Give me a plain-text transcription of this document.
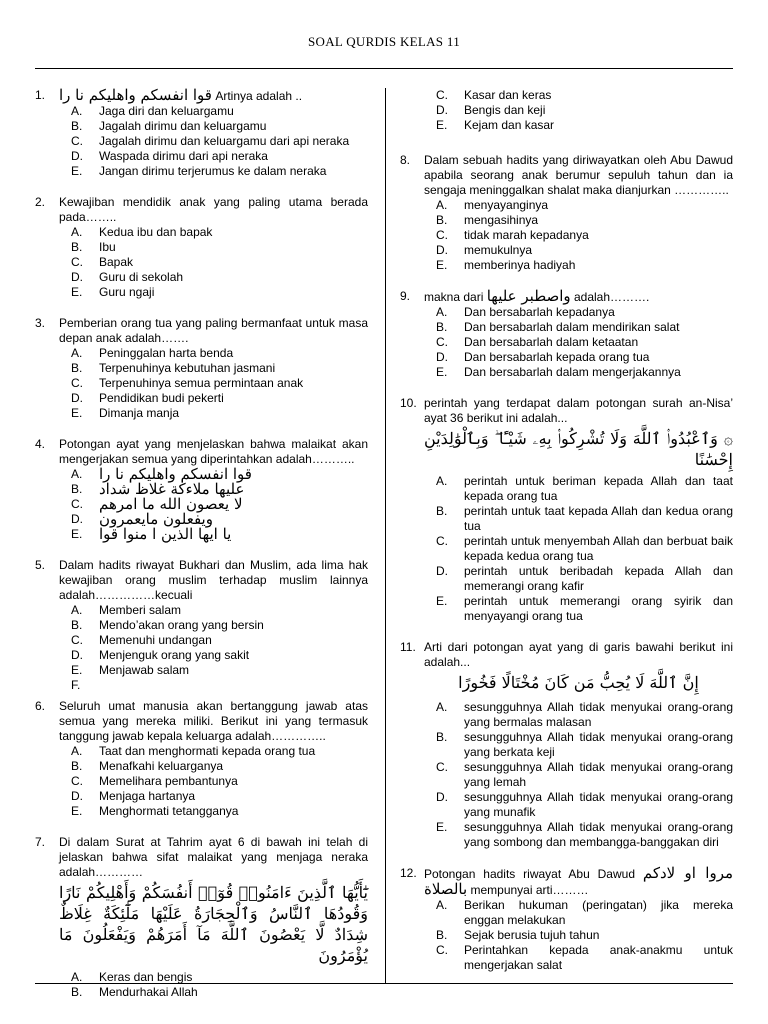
SOAL QURDIS KELAS 11
1. قوا انفسكم واهليكم نا را Artinya adalah ..
A.	Jaga diri dan keluargamu
B.	Jagalah dirimu dan keluargamu
C.	Jagalah dirimu dan keluargamu dari api neraka
D.	Waspada dirimu dari api neraka
E.	Jangan dirimu terjerumus ke dalam neraka
2. Kewajiban mendidik anak yang paling utama berada pada……..
A.	Kedua ibu dan bapak
B.	Ibu
C.	Bapak
D.	Guru di sekolah
E.	Guru ngaji
3. Pemberian orang tua yang paling bermanfaat untuk masa depan anak adalah…….
A.	Peninggalan harta benda
B.	Terpenuhinya kebutuhan jasmani
C.	Terpenuhinya semua permintaan anak
D.	Pendidikan budi pekerti
E.	Dimanja manja
4. Potongan ayat yang menjelaskan bahwa malaikat akan mengerjakan semua yang diperintahkan adalah………..
A.	قوا انفسكم واهليكم نا را
B.	عليها ملاءكة غلاظ شداد
C.	لا يعصون الله ما امرهم
D.	ويفعلون مايعمرون
E.	يا ايها الذين ا منوا قوا
5. Dalam hadits riwayat Bukhari dan Muslim, ada lima hak kewajiban orang muslim terhadap muslim lainnya adalah……………kecuali
A.	Memberi salam
B.	Mendo’akan orang yang bersin
C.	Memenuhi undangan
D.	Menjenguk orang yang sakit
E.	Menjawab salam
F.
6. Seluruh umat manusia akan bertanggung jawab atas semua yang mereka miliki. Berikut ini yang termasuk tanggung jawab kepala keluarga adalah…………..
A.	Taat dan menghormati kepada orang tua
B.	Menafkahi keluarganya
C.	Memelihara pembantunya
D.	Menjaga hartanya
E.	Menghormati tetangganya
7. Di dalam Surat at Tahrim ayat 6 di bawah ini telah di jelaskan bahwa sifat malaikat yang menjaga neraka adalah…………
يَٰٓأَيُّهَا ٱلَّذِينَ ءَامَنُوا۟ قُوٓا۟ أَنفُسَكُمْ وَأَهْلِيكُمْ نَارًا وَقُودُهَا ٱلنَّاسُ وَٱلْحِجَارَةُ عَلَيْهَا مَلَٰٓئِكَةٌ غِلَاظٌ شِدَادٌ لَّا يَعْصُونَ ٱللَّهَ مَآ أَمَرَهُمْ وَيَفْعَلُونَ مَا يُؤْمَرُونَ
A.	Keras dan bengis
B.	Mendurhakai Allah
C.	Kasar dan keras
D.	Bengis dan keji
E.	Kejam dan kasar
8. Dalam sebuah hadits yang diriwayatkan oleh Abu Dawud apabila seorang anak berumur sepuluh tahun dan ia sengaja meninggalkan shalat maka dianjurkan …………..
A.	menyayanginya
B.	mengasihinya
C.	tidak marah kepadanya
D.	memukulnya
E.	memberinya hadiyah
9. makna dari واصطبر عليها adalah……….
A.	Dan bersabarlah kepadanya
B.	Dan bersabarlah dalam mendirikan salat
C.	Dan bersabarlah dalam ketaatan
D.	Dan bersabarlah kepada orang tua
E.	Dan bersabarlah dalam mengerjakannya
10. perintah yang terdapat dalam potongan surah an-Nisa’ ayat 36 berikut ini adalah...
۞ وَٱعْبُدُوا۟ ٱللَّهَ وَلَا تُشْرِكُوا۟ بِهِۦ شَيْـًٔا ۖ وَبِٱلْوَٰلِدَيْنِ إِحْسَٰنًا
A.	perintah untuk beriman kepada Allah dan taat kepada orang tua
B.	perintah untuk taat kepada Allah dan kedua orang tua
C.	perintah untuk menyembah Allah dan berbuat baik kepada kedua orang tua
D.	perintah untuk beribadah kepada Allah dan memerangi orang kafir
E.	perintah untuk memerangi orang syirik dan menyayangi orang tua
11. Arti dari potongan ayat yang di garis bawahi berikut ini adalah...
إِنَّ ٱللَّهَ لَا يُحِبُّ مَن كَانَ مُخْتَالًا فَخُورًا
A.	sesungguhnya Allah tidak menyukai orang-orang yang bermalas malasan
B.	sesungguhnya Allah tidak menyukai orang-orang yang berkata keji
C.	sesungguhnya Allah tidak menyukai orang-orang yang lemah
D.	sesungguhnya Allah tidak menyukai orang-orang yang munafik
E.	sesungguhnya Allah tidak menyukai orang-orang yang sombong dan membangga-banggakan diri
12. Potongan hadits riwayat Abu Dawud مروا او لادكم بالصلاة mempunyai arti………
A.	Berikan hukuman (peringatan) jika mereka enggan melakukan
B.	Sejak berusia tujuh tahun
C.	Perintahkan kepada anak-anakmu untuk mengerjakan salat
